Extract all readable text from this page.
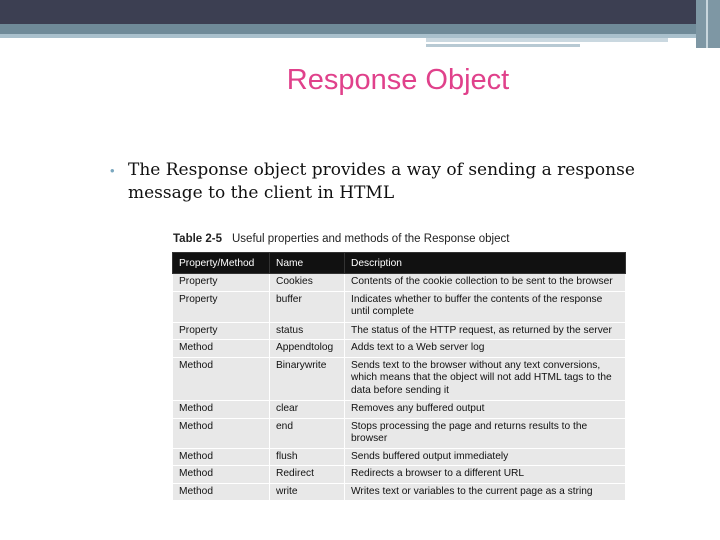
Response Object
• The Response object provides a way of sending a response message to the client in HTML
Table 2-5 Useful properties and methods of the Response object
Property/Method	Name	Description
Property	Cookies	Contents of the cookie collection to be sent to the browser
Property	buffer	Indicates whether to buffer the contents of the response until complete
Property	status	The status of the HTTP request, as returned by the server
Method	Appendtolog	Adds text to a Web server log
Method	Binarywrite	Sends text to the browser without any text conversions, which means that the object will not add HTML tags to the data before sending it
Method	clear	Removes any buffered output
Method	end	Stops processing the page and returns results to the browser
Method	flush	Sends buffered output immediately
Method	Redirect	Redirects a browser to a different URL
Method	write	Writes text or variables to the current page as a string
